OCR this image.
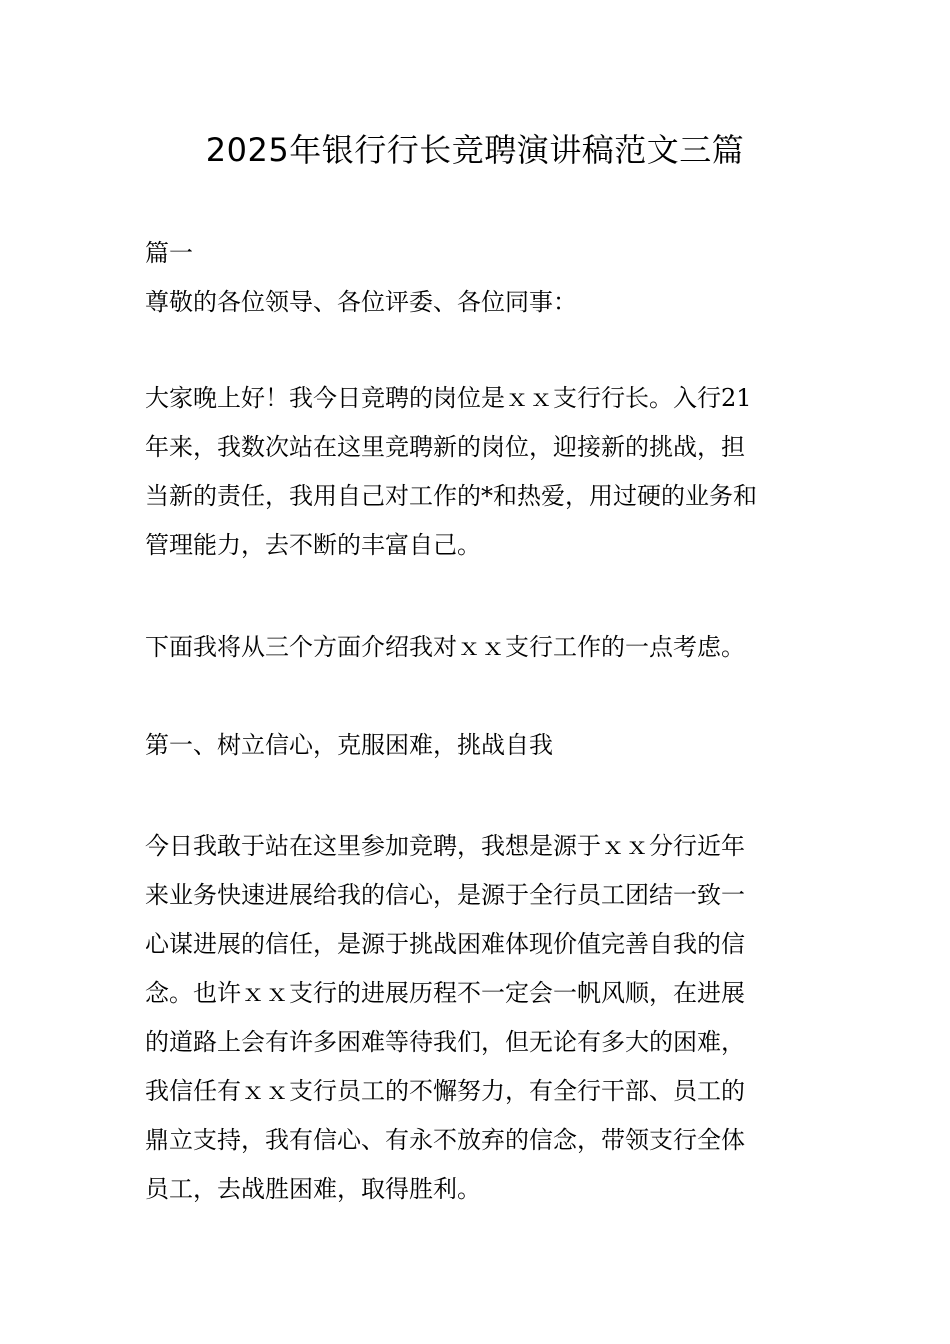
2025年银行行长竞聘演讲稿范文三篇
篇一
尊敬的各位领导、各位评委、各位同事：
大家晚上好！我今日竞聘的岗位是ｘｘ支行行长。入行21
年来，我数次站在这里竞聘新的岗位，迎接新的挑战，担
当新的责任，我用自己对工作的*和热爱，用过硬的业务和
管理能力，去不断的丰富自己。
下面我将从三个方面介绍我对ｘｘ支行工作的一点考虑。
第一、树立信心，克服困难，挑战自我
今日我敢于站在这里参加竞聘，我想是源于ｘｘ分行近年
来业务快速进展给我的信心，是源于全行员工团结一致一
心谋进展的信任，是源于挑战困难体现价值完善自我的信
念。也许ｘｘ支行的进展历程不一定会一帆风顺，在进展
的道路上会有许多困难等待我们，但无论有多大的困难，
我信任有ｘｘ支行员工的不懈努力，有全行干部、员工的
鼎立支持，我有信心、有永不放弃的信念，带领支行全体
员工，去战胜困难，取得胜利。
